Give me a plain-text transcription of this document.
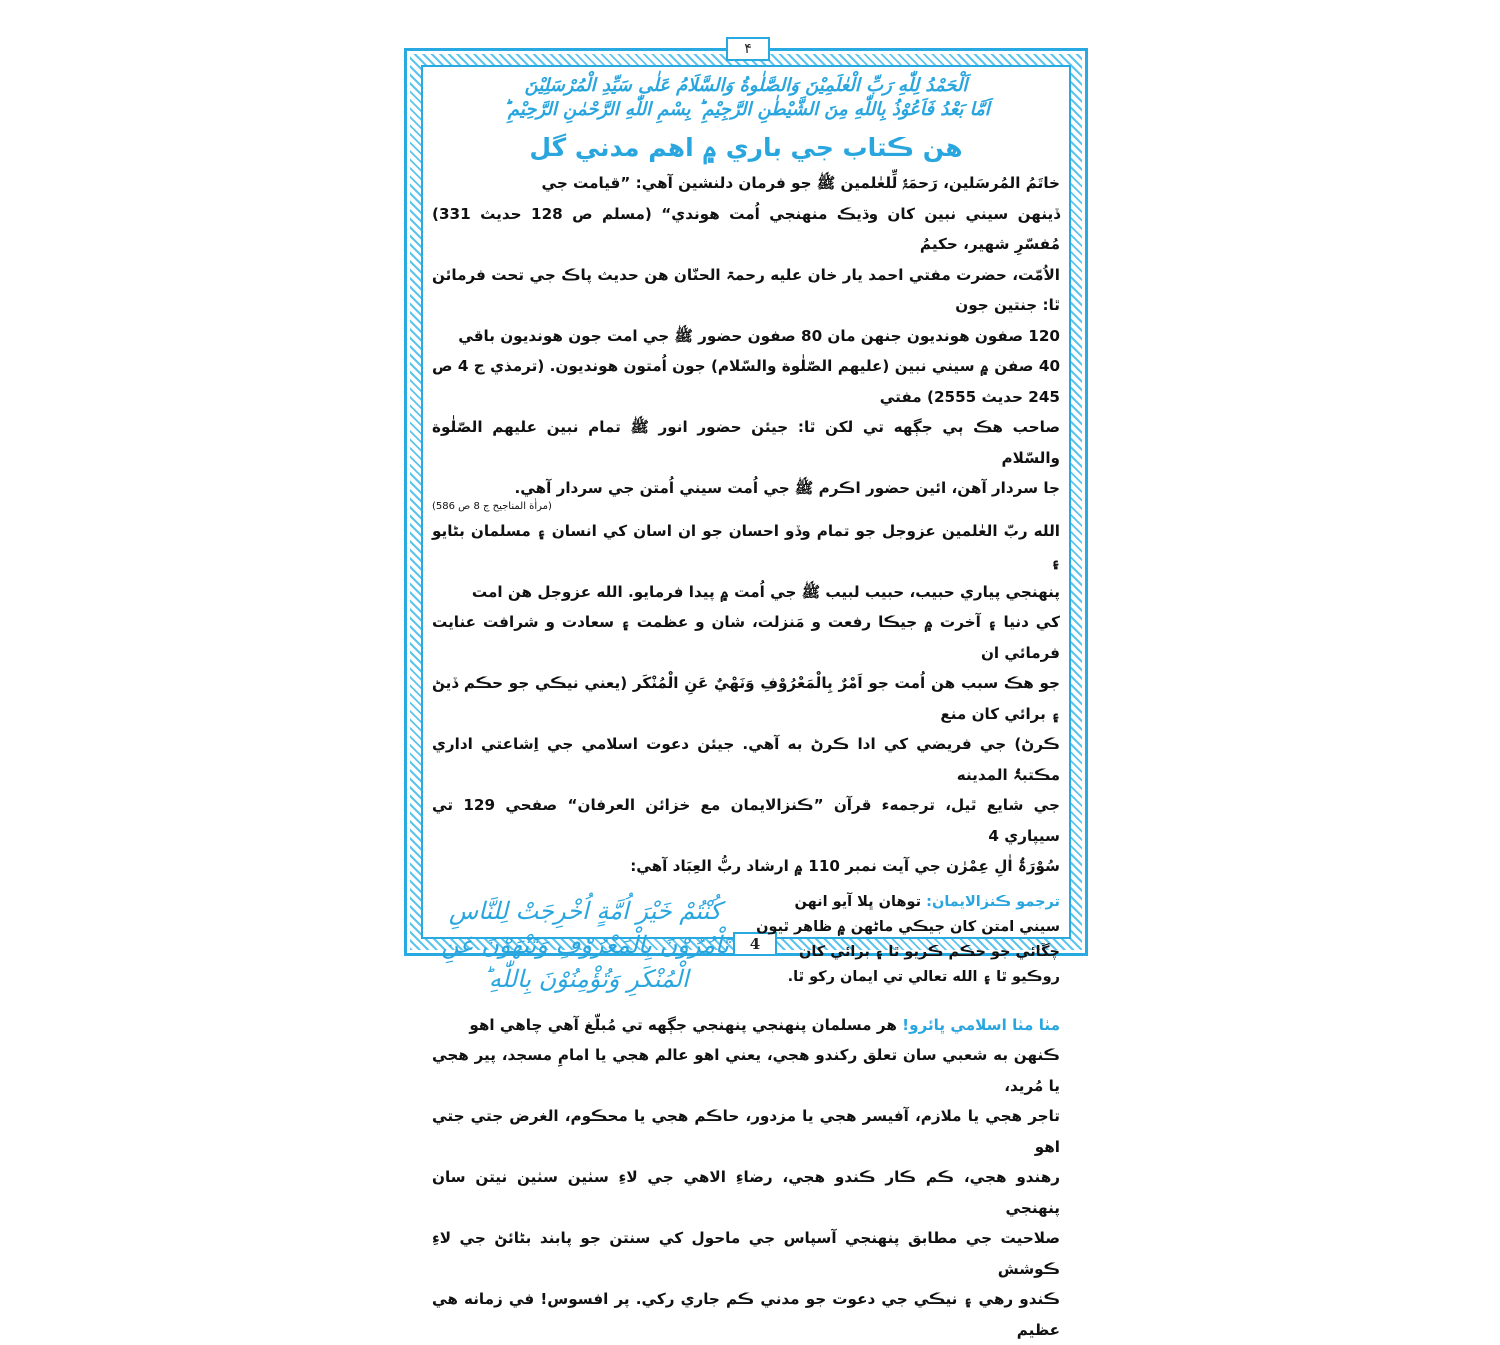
۴
4
اَلْحَمْدُ لِلّٰهِ رَبِّ الْعٰلَمِيْنَ وَالصَّلٰوةُ وَالسَّلَامُ عَلٰى سَيِّدِ الْمُرْسَلِيْنَ
اَمَّا بَعْدُ فَاَعُوْذُ بِاللّٰهِ مِنَ الشَّيْطٰنِ الرَّجِيْمِ ؕ بِسْمِ اللّٰهِ الرَّحْمٰنِ الرَّحِيْمِ ؕ
هن ڪتاب جي باري ۾ اهم مدني گل

خاتَمُ المُرسَلين، رَحمَۃٌ لِّلعٰلمین ﷺ جو فرمان دلنشين آهي: ”قيامت جي

ڏينهن سيني نبين کان وڌيڪ منهنجي اُمت هوندي“ (مسلم ص 128 حديث 331) مُفسّرِ شهير، حکيمُ

الاُمّت، حضرت مفتي احمد يار خان عليه رحمۃ الحنّان هن حديث پاڪ جي تحت فرمائن ٿا: جنتين جون

120 صفون هونديون جنهن مان 80 صفون حضور ﷺ جي امت جون هونديون باقي

40 صفن ۾ سيني نبين (عليهم الصّلٰوة والسّلام) جون اُمتون هونديون. (ترمذي ج 4 ص 245 حديث 2555) مفتي

صاحب هڪ ٻي جڳهه تي لکن ٿا: جيئن حضور انور ﷺ تمام نبين عليهم الصّلٰوة والسّلام

جا سردار آهن، ائين حضور اڪرم ﷺ جي اُمت سيني اُمتن جي سردار آهي.

(مراٰة المناجيح ج 8 ص 586)

الله ربّ العٰلمين عزوجل جو تمام وڏو احسان جو ان اسان کي انسان ۽ مسلمان بڻايو ۽

پنهنجي پياري حبيب، حبيب لبيب ﷺ جي اُمت ۾ پيدا فرمايو. الله عزوجل هن امت

کي دنيا ۽ آخرت ۾ جيڪا رفعت و مَنزلت، شان و عظمت ۽ سعادت و شرافت عنايت فرمائي ان

جو هڪ سبب هن اُمت جو اَمْرٌ بِالْمَعْرُوْفِ وَنَهْيٌ عَنِ الْمُنْكَر (يعني نيڪي جو حڪم ڏيڻ ۽ برائي کان منع

ڪرڻ) جي فريضي کي ادا ڪرڻ به آهي. جيئن دعوت اسلامي جي اِشاعتي اداري مڪتبۃُ المدينه

جي شايع ٿيل، ترجمهء قرآن ”ڪنزالايمان مع خزائن العرفان“ صفحي 129 تي سيپاري 4

سُوْرَۃُ اٰلِ عِمْرٰن جي آيت نمبر 110 ۾ ارشاد ربُّ العِبَاد آهي:

ترجمو ڪنزالايمان: توهان ڀلا آيو انهن
سيني امتن کان جيڪي ماڻهن ۾ ظاهر ٿيون
چڱائي جو حڪم ڪريو ٿا ۽ برائي کان
روڪيو ٿا ۽ الله تعالي تي ايمان رکو ٿا.
كُنْتُمْ خَيْرَ اُمَّةٍ اُخْرِجَتْ لِلنَّاسِ
تَاْمُرُوْنَ بِالْمَعْرُوْفِ وَتَنْهَوْنَ عَنِ
الْمُنْكَرِ وَتُؤْمِنُوْنَ بِاللّٰهِ ؕ

مٺا مٺا اسلامي ڀائرو! هر مسلمان پنهنجي پنهنجي جڳهه تي مُبلّغ آهي چاهي اهو

ڪنهن به شعبي سان تعلق رکندو هجي، يعني اهو عالم هجي يا امامِ مسجد، پير هجي يا مُريد،

تاجر هجي يا ملازم، آفيسر هجي يا مزدور، حاڪم هجي يا محڪوم، الغرض جتي جتي اهو

رهندو هجي، ڪم ڪار ڪندو هجي، رضاءِ الاهي جي لاءِ سٺين سٺين نيتن سان پنهنجي

صلاحيت جي مطابق پنهنجي آسپاس جي ماحول کي سنتن جو پابند بڻائڻ جي لاءِ ڪوشش

ڪندو رهي ۽ نيڪي جي دعوت جو مدني ڪم جاري رکي. پر افسوس! في زمانه هي عظيم
